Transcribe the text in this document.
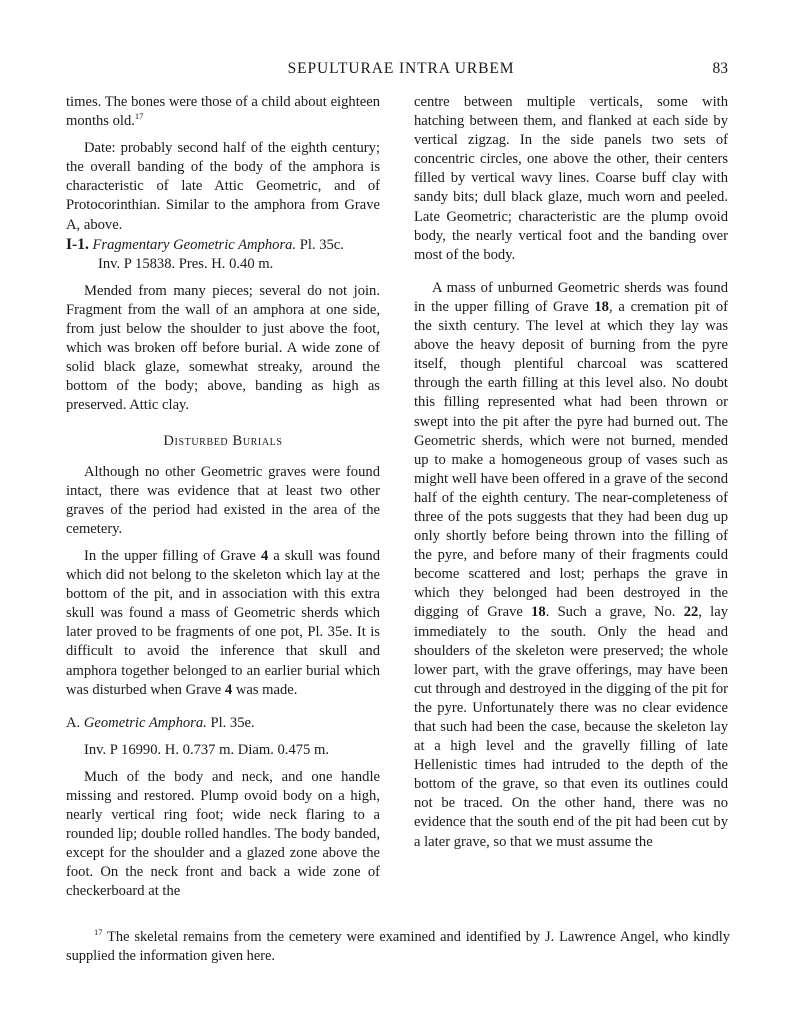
SEPULTURAE INTRA URBEM	83

times. The bones were those of a child about eighteen months old.$^{17}$

Date: probably second half of the eighth century; the overall banding of the body of the amphora is characteristic of late Attic Geometric, and of Protocorinthian. Similar to the amphora from Grave A, above.

I-1. Fragmentary Geometric Amphora. Pl. 35c.

Inv. P 15838. Pres. H. 0.40 m.

Mended from many pieces; several do not join. Fragment from the wall of an amphora at one side, from just below the shoulder to just above the foot, which was broken off before burial. A wide zone of solid black glaze, somewhat streaky, around the bottom of the body; above, banding as high as preserved. Attic clay.

Disturbed Burials

Although no other Geometric graves were found intact, there was evidence that at least two other graves of the period had existed in the area of the cemetery.

In the upper filling of Grave 4 a skull was found which did not belong to the skeleton which lay at the bottom of the pit, and in association with this extra skull was found a mass of Geometric sherds which later proved to be fragments of one pot, Pl. 35e. It is difficult to avoid the inference that skull and amphora together belonged to an earlier burial which was disturbed when Grave 4 was made.

A. Geometric Amphora. Pl. 35e.

Inv. P 16990. H. 0.737 m. Diam. 0.475 m.

Much of the body and neck, and one handle missing and restored. Plump ovoid body on a high, nearly vertical ring foot; wide neck flaring to a rounded lip; double rolled handles. The body banded, except for the shoulder and a glazed zone above the foot. On the neck front and back a wide zone of checkerboard at the

centre between multiple verticals, some with hatching between them, and flanked at each side by vertical zigzag. In the side panels two sets of concentric circles, one above the other, their centers filled by vertical wavy lines. Coarse buff clay with sandy bits; dull black glaze, much worn and peeled. Late Geometric; characteristic are the plump ovoid body, the nearly vertical foot and the banding over most of the body.

A mass of unburned Geometric sherds was found in the upper filling of Grave 18, a cremation pit of the sixth century. The level at which they lay was above the heavy deposit of burning from the pyre itself, though plentiful charcoal was scattered through the earth filling at this level also. No doubt this filling represented what had been thrown or swept into the pit after the pyre had burned out. The Geometric sherds, which were not burned, mended up to make a homogeneous group of vases such as might well have been offered in a grave of the second half of the eighth century. The near-completeness of three of the pots suggests that they had been dug up only shortly before being thrown into the filling of the pyre, and before many of their fragments could become scattered and lost; perhaps the grave in which they belonged had been destroyed in the digging of Grave 18. Such a grave, No. 22, lay immediately to the south. Only the head and shoulders of the skeleton were preserved; the whole lower part, with the grave offerings, may have been cut through and destroyed in the digging of the pit for the pyre. Unfortunately there was no clear evidence that such had been the case, because the skeleton lay at a high level and the gravelly filling of late Hellenistic times had intruded to the depth of the bottom of the grave, so that even its outlines could not be traced. On the other hand, there was no evidence that the south end of the pit had been cut by a later grave, so that we must assume the

$^{17}$ The skeletal remains from the cemetery were examined and identified by J. Lawrence Angel, who kindly supplied the information given here.
